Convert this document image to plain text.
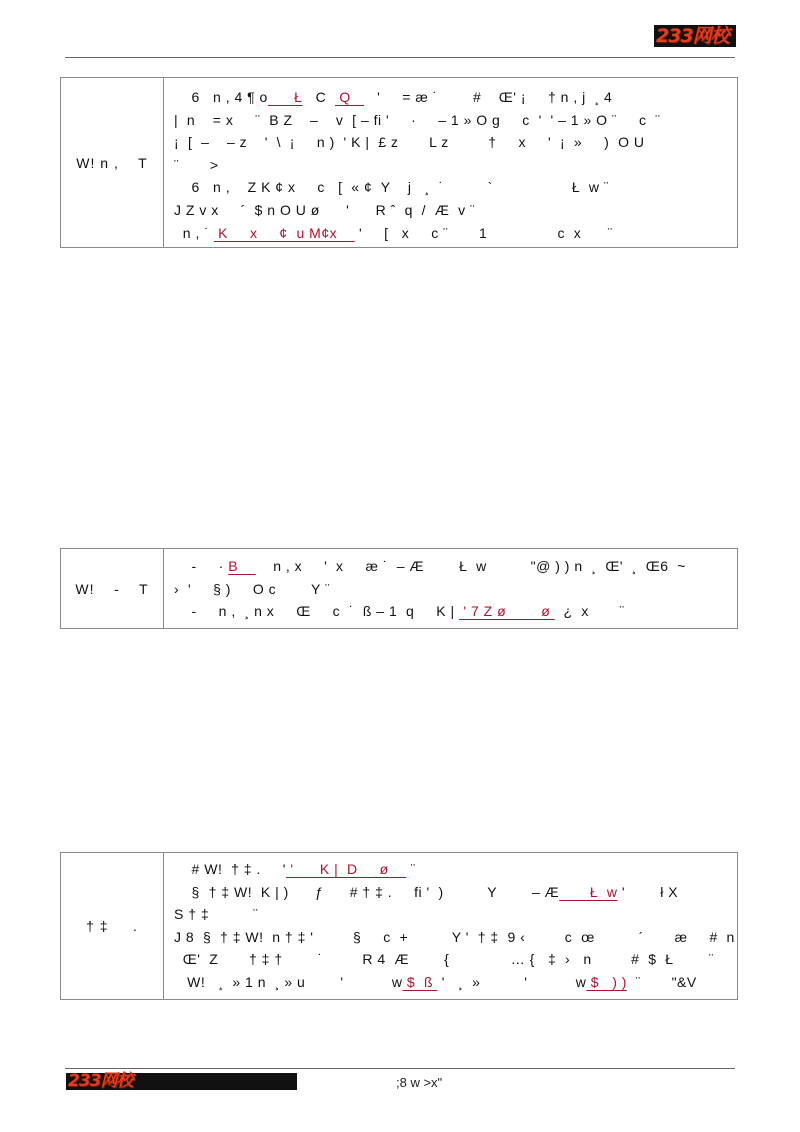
233网校
W! n ,    T
6   n , 4 ¶ o      Ł   C   Q      '     = æ ˙        #    Œ' ¡     † n , j  ¸ 4
|  n    = x     ¨  B Z    –    v  [ – fi '     ·     – 1 » O g     c  '  ' – 1 » O ¨     c  ¨
¡  [  –    – z    '  \  ¡     n )  ' K |  £ z       L z         †     x     '  ¡  »     )  O U
¨       >
6   n ,    Z K ¢ x     c   [  « ¢  Y    j   ¸  ˙          `                  Ł  w ¨
J Z v x     ´  $ n O U ø      '      R ˆ  q  /  Æ  v ¨
n , ˙  K     x     ¢  u M¢x     '     [   x     c ¨       1                c  x      ¨
W!    -    T
-     · B        n , x     '  x     æ ˙  – Æ        Ł  w          "@ ) ) n  ¸  Œ'  ¸  Œ6  ~
›  '     § )     O c        Y ¨
-     n ,  ¸ n x     Œ     c  ˙  ß – 1  q     K |  ' 7 Z ø        ø   ¿  x       ¨
† ‡     .
# W!  † ‡ .     ' '      K |  D     ø     ¨
§  † ‡ W!  K | )      ƒ      # † ‡ .     fi '  )          Y        – Æ       Ł  w '        ł X
S † ‡          ¨
J 8  §  † ‡ W!  n † ‡ '         §     c  +          Y '  † ‡  9 ‹         c  œ          ´       æ     #  n
Œ'  Z       † ‡ †        ˙         R 4  Æ        {              … {   ‡  ›   n         #  $  Ł        ¨
W!   ¸  » 1 n  ¸ » u        '           w $  ß  '   ¸  »          '           w $   ) )  ¨       "&V
233网校	;8 w >x"
